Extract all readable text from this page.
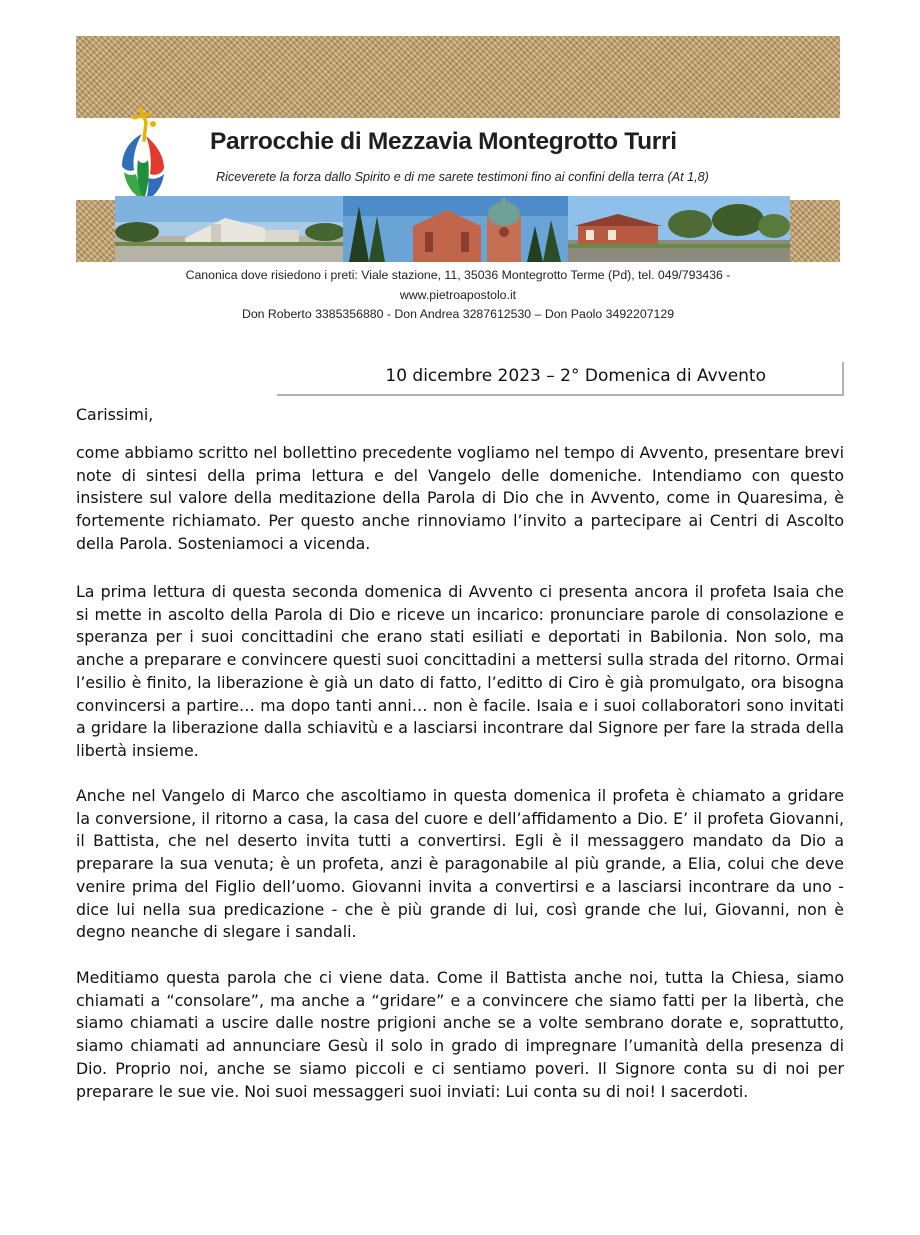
Parrocchie di Mezzavia Montegrotto Turri
Riceverete la forza dallo Spirito e di me sarete testimoni fino ai confini della terra (At 1,8)
Canonica dove risiedono i preti: Viale stazione, 11, 35036 Montegrotto Terme (Pd), tel. 049/793436 -
www.pietroapostolo.it
Don Roberto 3385356880 - Don Andrea 3287612530 – Don Paolo 3492207129
10 dicembre 2023 – 2° Domenica di Avvento

Carissimi,

come abbiamo scritto nel bollettino precedente vogliamo nel tempo di Avvento, presentare brevi note di sintesi della prima lettura e del Vangelo delle domeniche. Intendiamo con questo insistere sul valore della meditazione della Parola di Dio che in Avvento, come in Quaresima, è fortemente richiamato. Per questo anche rinnoviamo l’invito a partecipare ai Centri di Ascolto della Parola. Sosteniamoci a vicenda.

La prima lettura di questa seconda domenica di Avvento ci presenta ancora il profeta Isaia che si mette in ascolto della Parola di Dio e riceve un incarico: pronunciare parole di consolazione e speranza per i suoi concittadini che erano stati esiliati e deportati in Babilonia. Non solo, ma anche a preparare e convincere questi suoi concittadini a mettersi sulla strada del ritorno. Ormai l’esilio è finito, la liberazione è già un dato di fatto, l’editto di Ciro è già promulgato, ora bisogna convincersi a partire… ma dopo tanti anni… non è facile. Isaia e i suoi collaboratori sono invitati a gridare la liberazione dalla schiavitù e a lasciarsi incontrare dal Signore per fare la strada della libertà insieme.

Anche nel Vangelo di Marco che ascoltiamo in questa domenica il profeta è chiamato a gridare la conversione, il ritorno a casa, la casa del cuore e dell’affidamento a Dio. E’ il profeta Giovanni, il Battista, che nel deserto invita tutti a convertirsi. Egli è il messaggero mandato da Dio a preparare la sua venuta; è un profeta, anzi è paragonabile al più grande, a Elia, colui che deve venire prima del Figlio dell’uomo. Giovanni invita a convertirsi e a lasciarsi incontrare da uno - dice lui nella sua predicazione - che è più grande di lui, così grande che lui, Giovanni, non è degno neanche di slegare i sandali.

Meditiamo questa parola che ci viene data. Come il Battista anche noi, tutta la Chiesa, siamo chiamati a “consolare”, ma anche a “gridare” e a convincere che siamo fatti per la libertà, che siamo chiamati a uscire dalle nostre prigioni anche se a volte sembrano dorate e, soprattutto, siamo chiamati ad annunciare Gesù il solo in grado di impregnare l’umanità della presenza di Dio. Proprio noi, anche se siamo piccoli e ci sentiamo poveri. Il Signore conta su di noi per preparare le sue vie. Noi suoi messaggeri suoi inviati: Lui conta su di noi! I sacerdoti.
